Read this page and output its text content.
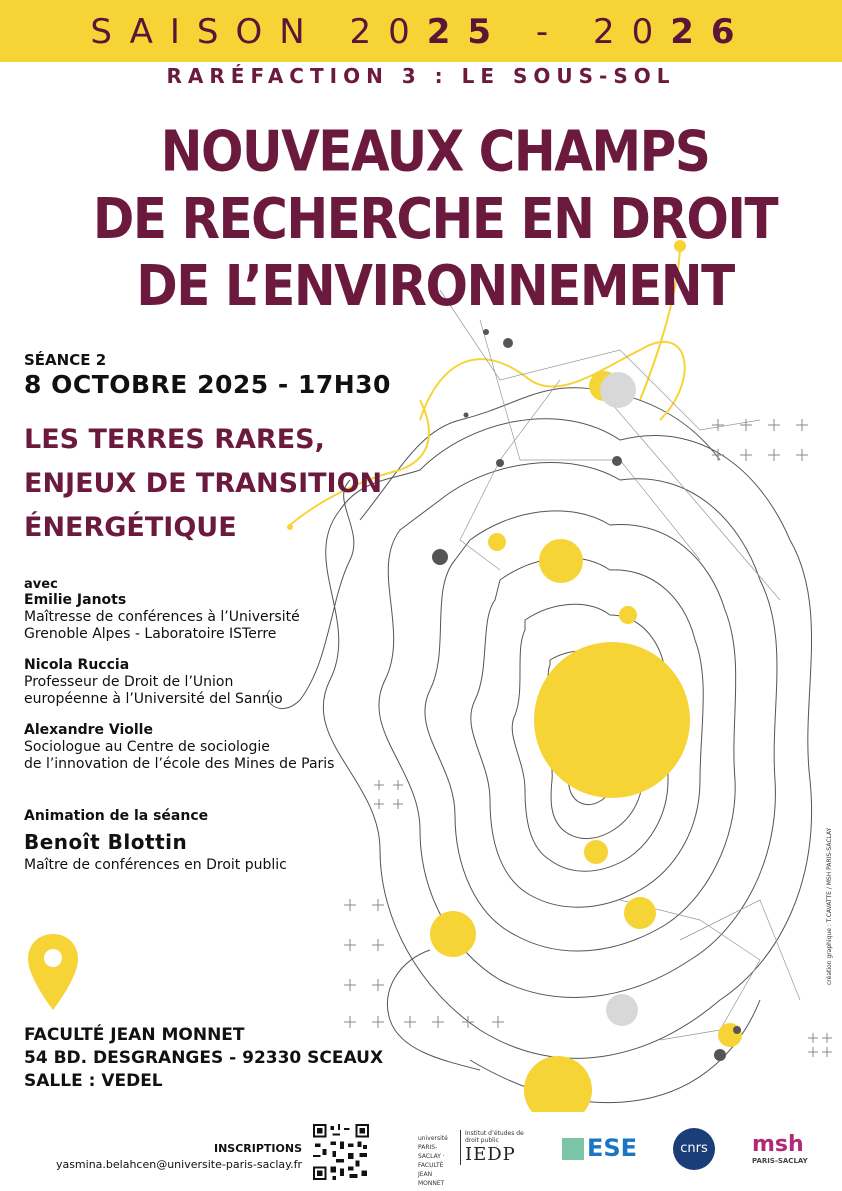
SAISON 2025 - 2026
RARÉFACTION 3 : LE SOUS-SOL
NOUVEAUX CHAMPS
DE RECHERCHE EN DROIT
DE L’ENVIRONNEMENT
SÉANCE 2
8 OCTOBRE 2025 - 17H30
LES TERRES RARES,
ENJEUX DE TRANSITION
ÉNERGÉTIQUE
avec
Emilie Janots
Maîtresse de conférences à l’Université
Grenoble Alpes - Laboratoire ISTerre
Nicola Ruccia
Professeur de Droit de l’Union
européenne à l’Université del Sannio
Alexandre Violle
Sociologue au Centre de sociologie
de l’innovation de l’école des Mines de Paris
Animation de la séance
Benoît Blottin
Maître de conférences en Droit public
FACULTÉ JEAN MONNET
54 BD. DESGRANGES - 92330 SCEAUX
SALLE : VEDEL
création graphique : T.CAVATTE / MSH PARIS-SACLAY
INSCRIPTIONS
yasmina.belahcen@universite-paris-saclay.fr
université PARIS-SACLAY · FACULTÉ JEAN MONNET
Institut d’études de droit public
IEDP	ESE	cnrs	msh
PARIS-SACLAY
